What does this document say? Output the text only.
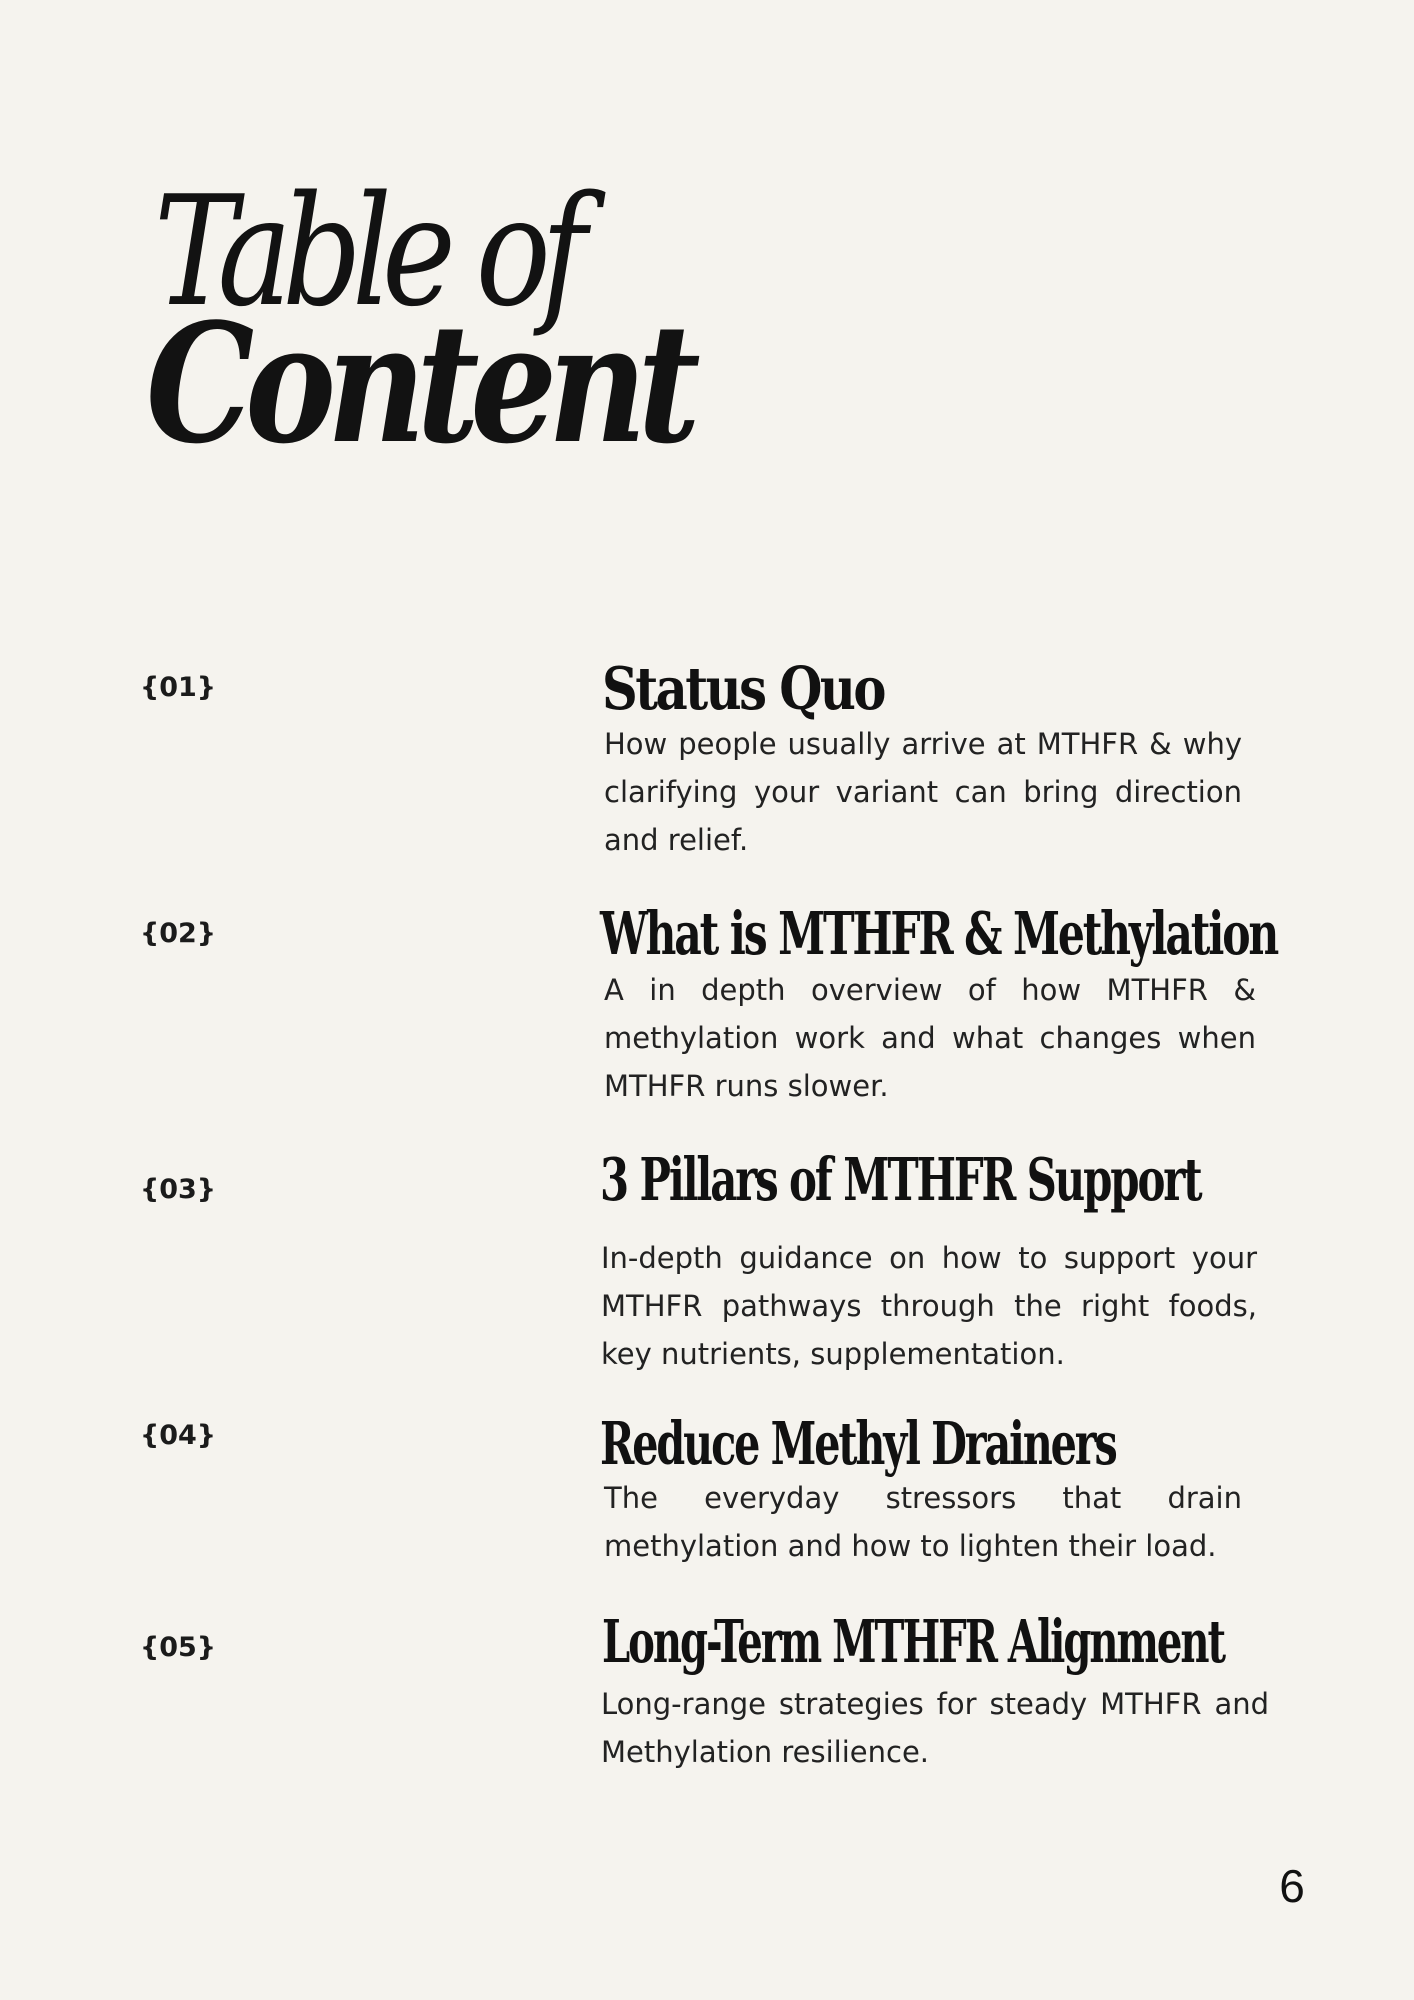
Table of
Content
{01}	Status Quo
How people usually arrive at MTHFR & why clarifying your variant can bring direction and relief.
{02}	What is MTHFR & Methylation
A in depth overview of how MTHFR & methylation work and what changes when MTHFR runs slower.
{03}	3 Pillars of MTHFR Support
In-depth guidance on how to support your MTHFR pathways through the right foods, key nutrients, supplementation.
{04}	Reduce Methyl Drainers
The everyday stressors that drain methylation and how to lighten their load.
{05}	Long-Term MTHFR Alignment
Long-range strategies for steady MTHFR and Methylation resilience.
6
